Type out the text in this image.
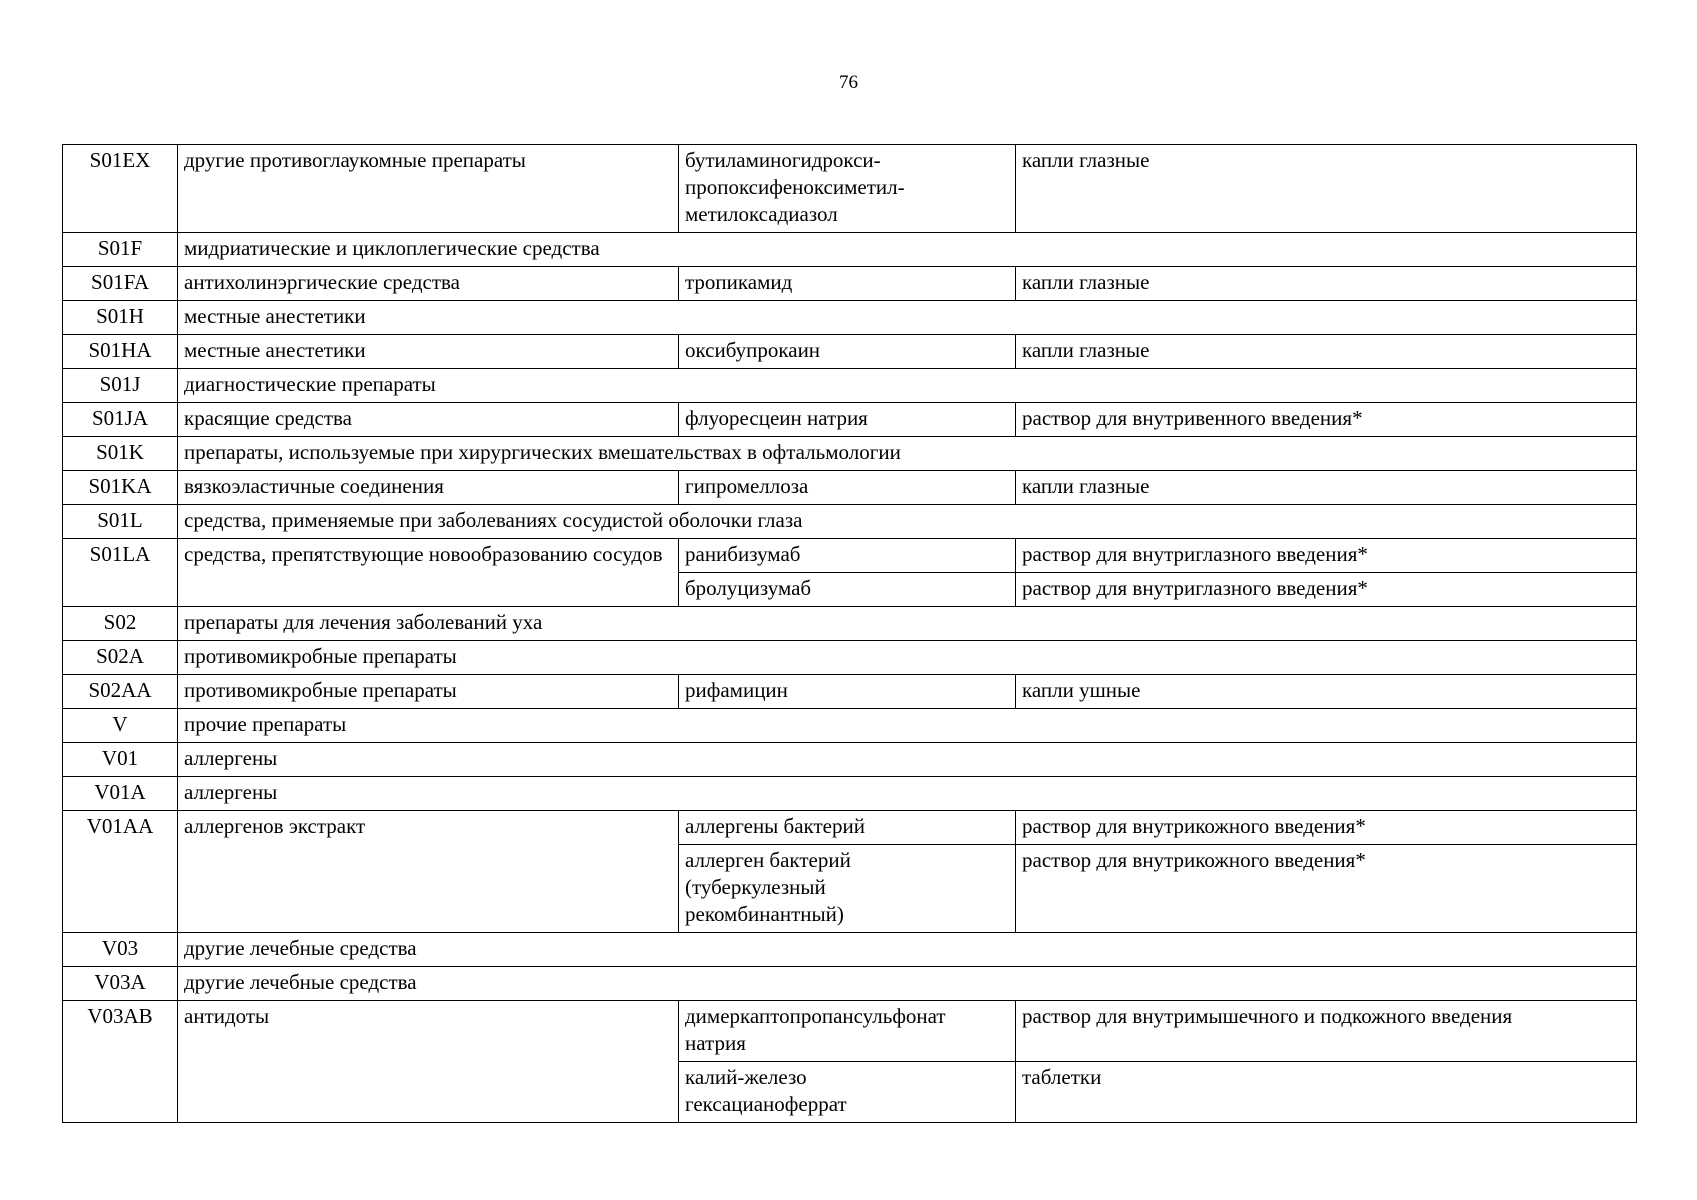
76
S01EX	другие противоглаукомные препараты	бутиламиногидрокси-
пропоксифеноксиметил-
метилоксадиазол	капли глазные
S01F	мидриатические и циклоплегические средства		
S01FA	антихолинэргические средства	тропикамид	капли глазные
S01H	местные анестетики		
S01HA	местные анестетики	оксибупрокаин	капли глазные
S01J	диагностические препараты		
S01JA	красящие средства	флуоресцеин натрия	раствор для внутривенного введения*
S01K	препараты, используемые при хирургических вмешательствах в офтальмологии		
S01KA	вязкоэластичные соединения	гипромеллоза	капли глазные
S01L	средства, применяемые при заболеваниях сосудистой оболочки глаза		
S01LA	средства, препятствующие новообразованию сосудов	ранибизумаб	раствор для внутриглазного введения*
		бролуцизумаб	раствор для внутриглазного введения*
S02	препараты для лечения заболеваний уха		
S02A	противомикробные препараты		
S02AA	противомикробные препараты	рифамицин	капли ушные
V	прочие препараты		
V01	аллергены		
V01A	аллергены		
V01AA	аллергенов экстракт	аллергены бактерий	раствор для внутрикожного введения*
		аллерген бактерий
(туберкулезный
рекомбинантный)	раствор для внутрикожного введения*
V03	другие лечебные средства		
V03A	другие лечебные средства		
V03AB	антидоты	димеркаптопропансульфонат
натрия	раствор для внутримышечного и подкожного введения
		калий-железо
гексацианоферрат	таблетки
